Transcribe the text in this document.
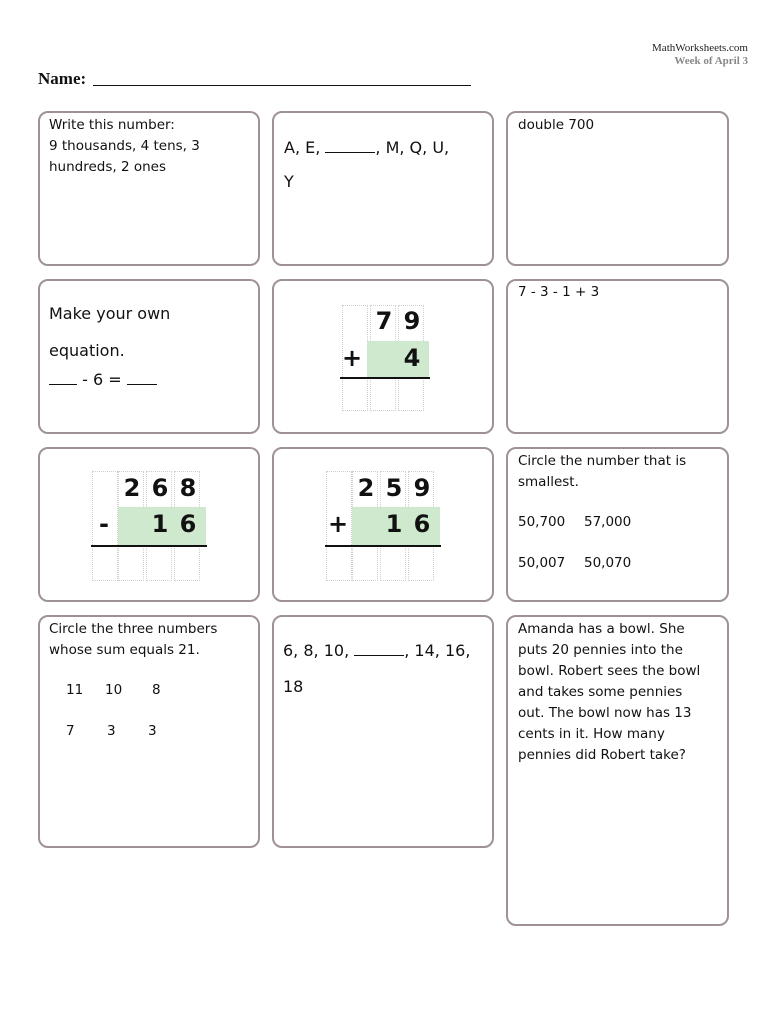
MathWorksheets.com
Week of April 3
Name:
Write this number:
9 thousands, 4 tens, 3
hundreds, 2 ones
A, E,	, M, Q, U,
Y
double 700
Make your own
equation.
- 6 =
7 9
+ 4
7 - 3 - 1 + 3
2 6 8
-	1 6
2 5 9
+ 1 6
Circle the number that is
smallest.
50,700 57,000
50,007 50,070
Circle the three numbers
whose sum equals 21.
11 10 8
7 3 3
6, 8, 10,	, 14, 16,
18
Amanda has a bowl. She
puts 20 pennies into the
bowl. Robert sees the bowl
and takes some pennies
out. The bowl now has 13
cents in it. How many
pennies did Robert take?
